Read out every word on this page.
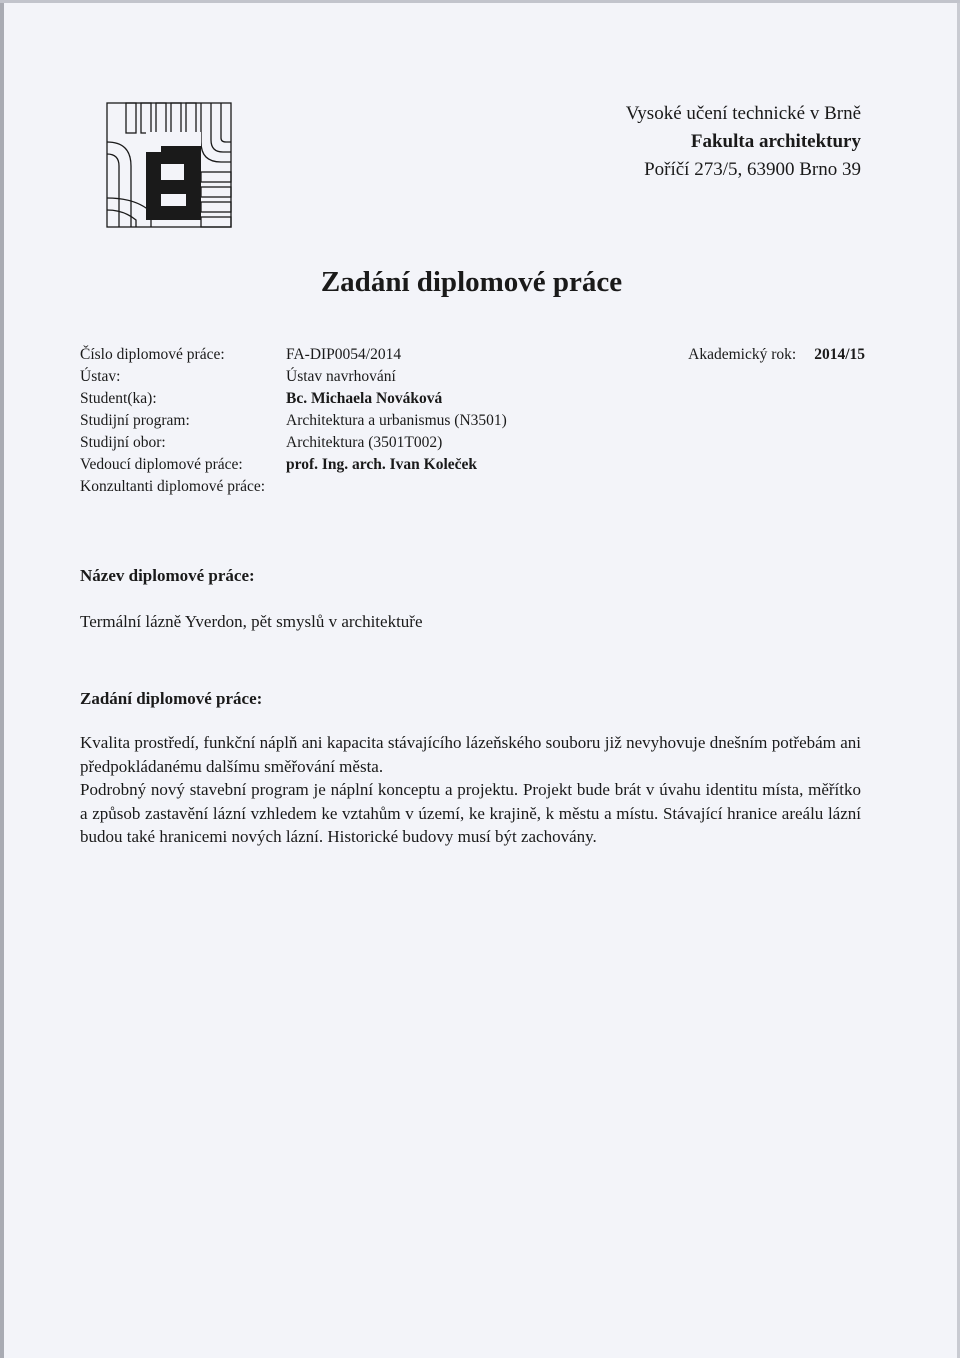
Vysoké učení technické v Brně
Fakulta architektury
Poříčí 273/5, 63900 Brno 39
Zadání diplomové práce
Číslo diplomové práce:	FA-DIP0054/2014	Akademický rok: 2014/15
Ústav:	Ústav navrhování
Student(ka):	Bc. Michaela Nováková
Studijní program:	Architektura a urbanismus (N3501)
Studijní obor:	Architektura (3501T002)
Vedoucí diplomové práce:	prof. Ing. arch. Ivan Koleček
Konzultanti diplomové práce:
Název diplomové práce:
Termální lázně Yverdon, pět smyslů v architektuře
Zadání diplomové práce:

Kvalita prostředí, funkční náplň ani kapacita stávajícího lázeňského souboru již nevyhovuje dnešním potřebám ani předpokládanému dalšímu směřování města.

Podrobný nový stavební program je náplní konceptu a projektu. Projekt bude brát v úvahu identitu místa, měřítko a způsob zastavění lázní vzhledem ke vztahům v území, ke krajině, k městu a místu. Stávající hranice areálu lázní budou také hranicemi nových lázní. Historické budovy musí být zachovány.
